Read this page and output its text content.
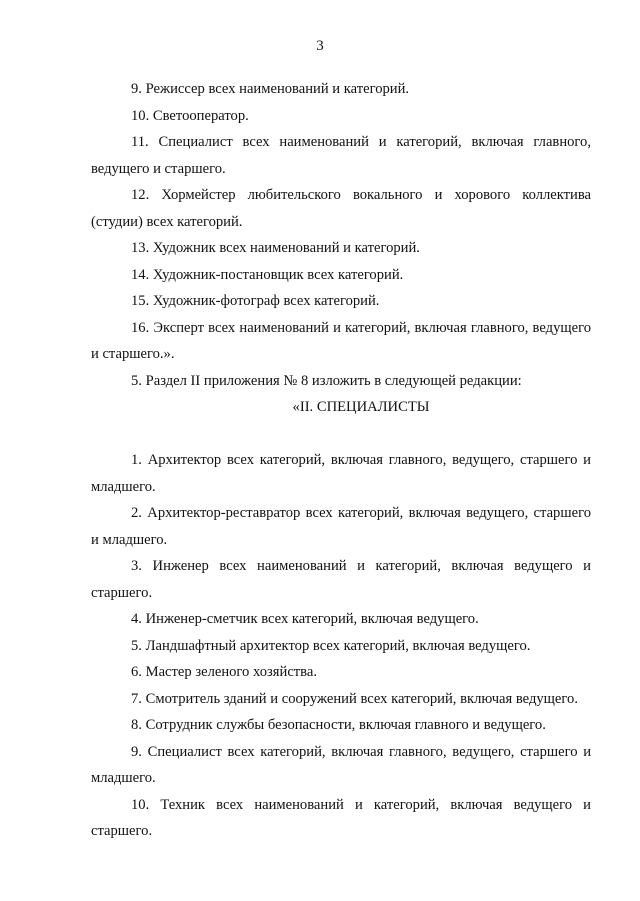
3

9. Режиссер всех наименований и категорий.

10. Светооператор.

11. Специалист всех наименований и категорий, включая главного, ведущего и старшего.

12. Хормейстер любительского вокального и хорового коллектива (студии) всех категорий.

13. Художник всех наименований и категорий.

14. Художник-постановщик всех категорий.

15. Художник-фотограф всех категорий.

16. Эксперт всех наименований и категорий, включая главного, ведущего и старшего.».

5. Раздел II приложения № 8 изложить в следующей редакции:

«II. СПЕЦИАЛИСТЫ

1. Архитектор всех категорий, включая главного, ведущего, старшего и младшего.

2. Архитектор-реставратор всех категорий, включая ведущего, старшего и младшего.

3. Инженер всех наименований и категорий, включая ведущего и старшего.

4. Инженер-сметчик всех категорий, включая ведущего.

5. Ландшафтный архитектор всех категорий, включая ведущего.

6. Мастер зеленого хозяйства.

7. Смотритель зданий и сооружений всех категорий, включая ведущего.

8. Сотрудник службы безопасности, включая главного и ведущего.

9. Специалист всех категорий, включая главного, ведущего, старшего и младшего.

10. Техник всех наименований и категорий, включая ведущего и старшего.
